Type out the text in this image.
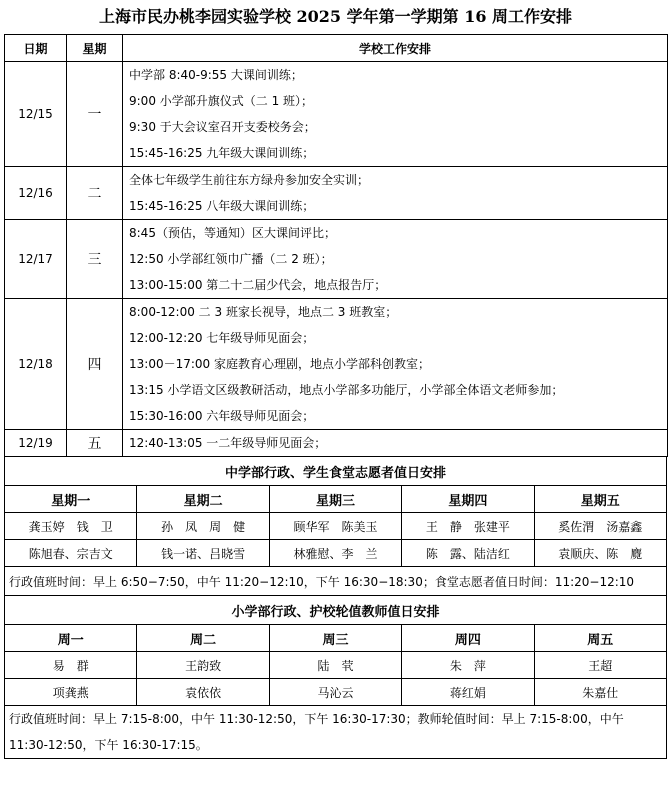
上海市民办桃李园实验学校 2025 学年第一学期第 16 周工作安排
日期	星期	学校工作安排
12/15	一	中学部 8:40-9:55 大课间训练；
9:00 小学部升旗仪式（二 1 班）；
9:30 于大会议室召开支委校务会；
15:45-16:25 九年级大课间训练；

12/16	二	全体七年级学生前往东方绿舟参加安全实训；
15:45-16:25 八年级大课间训练；

12/17	三	8:45（预估，等通知）区大课间评比；
12:50 小学部红领巾广播（二 2 班）；
13:00-15:00 第二十二届少代会，地点报告厅；

12/18	四	8:00-12:00 二 3 班家长视导，地点二 3 班教室；
12:00-12:20 七年级导师见面会；
13:00－17:00 家庭教育心理剧，地点小学部科创教室；
13:15 小学语文区级教研活动，地点小学部多功能厅，小学部全体语文老师参加；
15:30-16:00 六年级导师见面会；

12/19	五	12:40-13:05 一二年级导师见面会；
中学部行政、学生食堂志愿者值日安排				
星期一	星期二	星期三	星期四	星期五
龚玉婷 钱　卫	孙　凤 周　健	顾华军 陈美玉	王　静 张建平	奚佐渭 汤嘉鑫
陈旭春、宗吉文	钱一诺、吕晓雪	林雅慰、李　兰	陈　露、陆洁红	袁顺庆、陈　麑
行政值班时间：早上 6:50−7:50，中午 11:20−12:10，下午 16:30−18:30；食堂志愿者值日时间：11:20−12:10				
小学部行政、护校轮值教师值日安排				
周一	周二	周三	周四	周五
易　群	王韵致	陆　茕	朱　萍	王超
项龚燕	袁依依	马沁云	蒋红娟	朱嘉仕
行政值班时间：早上 7:15-8:00，中午 11:30-12:50，下午 16:30-17:30；教师轮值时间：早上 7:15-8:00，中午 11:30-12:50，下午 16:30-17:15。				
